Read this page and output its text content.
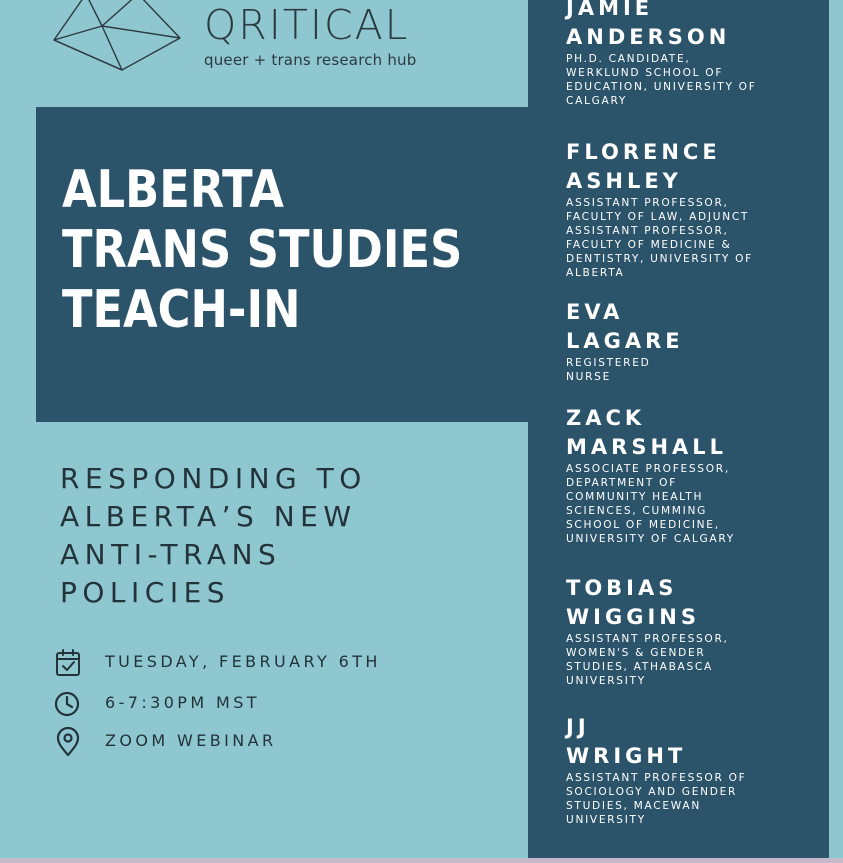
QRITICAL
queer + trans research hub
ALBERTA
TRANS STUDIES
TEACH-IN
RESPONDING TO
ALBERTA’S NEW
ANTI-TRANS
POLICIES
TUESDAY, FEBRUARY 6TH
6-7:30PM MST
ZOOM WEBINAR
JAMIE
ANDERSON
PH.D. CANDIDATE,
WERKLUND SCHOOL OF
EDUCATION, UNIVERSITY OF
CALGARY
FLORENCE
ASHLEY
ASSISTANT PROFESSOR,
FACULTY OF LAW, ADJUNCT
ASSISTANT PROFESSOR,
FACULTY OF MEDICINE &
DENTISTRY, UNIVERSITY OF
ALBERTA
EVA
LAGARE
REGISTERED
NURSE
ZACK
MARSHALL
ASSOCIATE PROFESSOR,
DEPARTMENT OF
COMMUNITY HEALTH
SCIENCES, CUMMING
SCHOOL OF MEDICINE,
UNIVERSITY OF CALGARY
TOBIAS
WIGGINS
ASSISTANT PROFESSOR,
WOMEN'S & GENDER
STUDIES, ATHABASCA
UNIVERSITY
JJ
WRIGHT
ASSISTANT PROFESSOR OF
SOCIOLOGY AND GENDER
STUDIES, MACEWAN
UNIVERSITY
